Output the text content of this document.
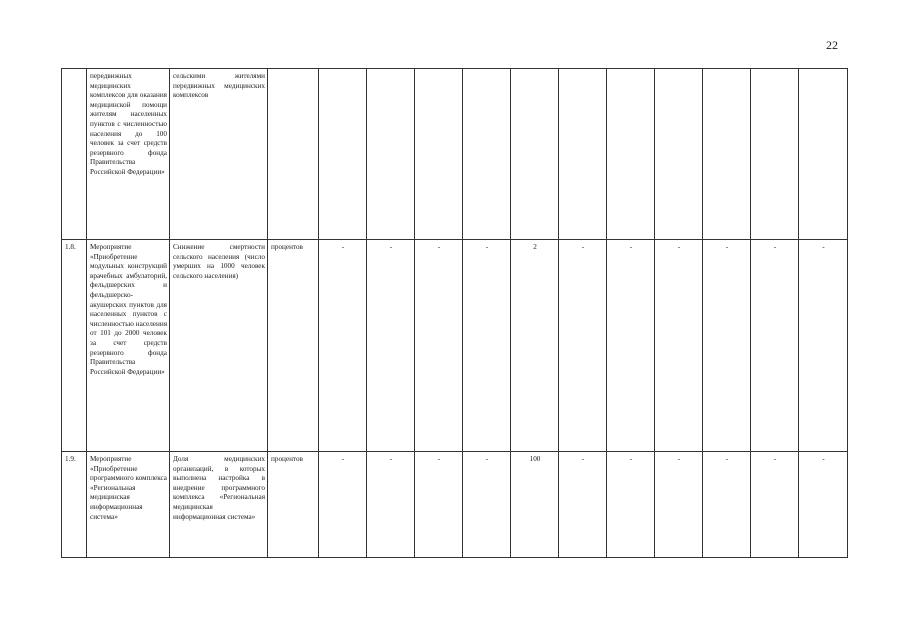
22
	передвижных медицинских комплексов для оказания медицинской помощи жителям населенных пунктов с численностью населения до 100 человек за счет средств резервного фонда Правительства Российской Федерации»	сельскими жителями передвижных медицинских комплексов												
1.8.	Мероприятие «Приобретение модульных конструкций врачебных амбулаторий, фельдшерских и фельдшерско-акушерских пунктов для населенных пунктов с численностью населения от 101 до 2000 человек за счет средств резервного фонда Правительства Российской Федерации»	Снижение смертности сельского населения (число умерших на 1000 человек сельского населения)	процентов	-	-	-	-	2	-	-	-	-	-	-
1.9.	Мероприятие «Приобретение программного комплекса «Региональная медицинская информационная система»	Доля медицинских организаций, в которых выполнена настройка в внедрение программного комплекса «Региональная медицинская информационная система»	процентов	-	-	-	-	100	-	-	-	-	-	-
